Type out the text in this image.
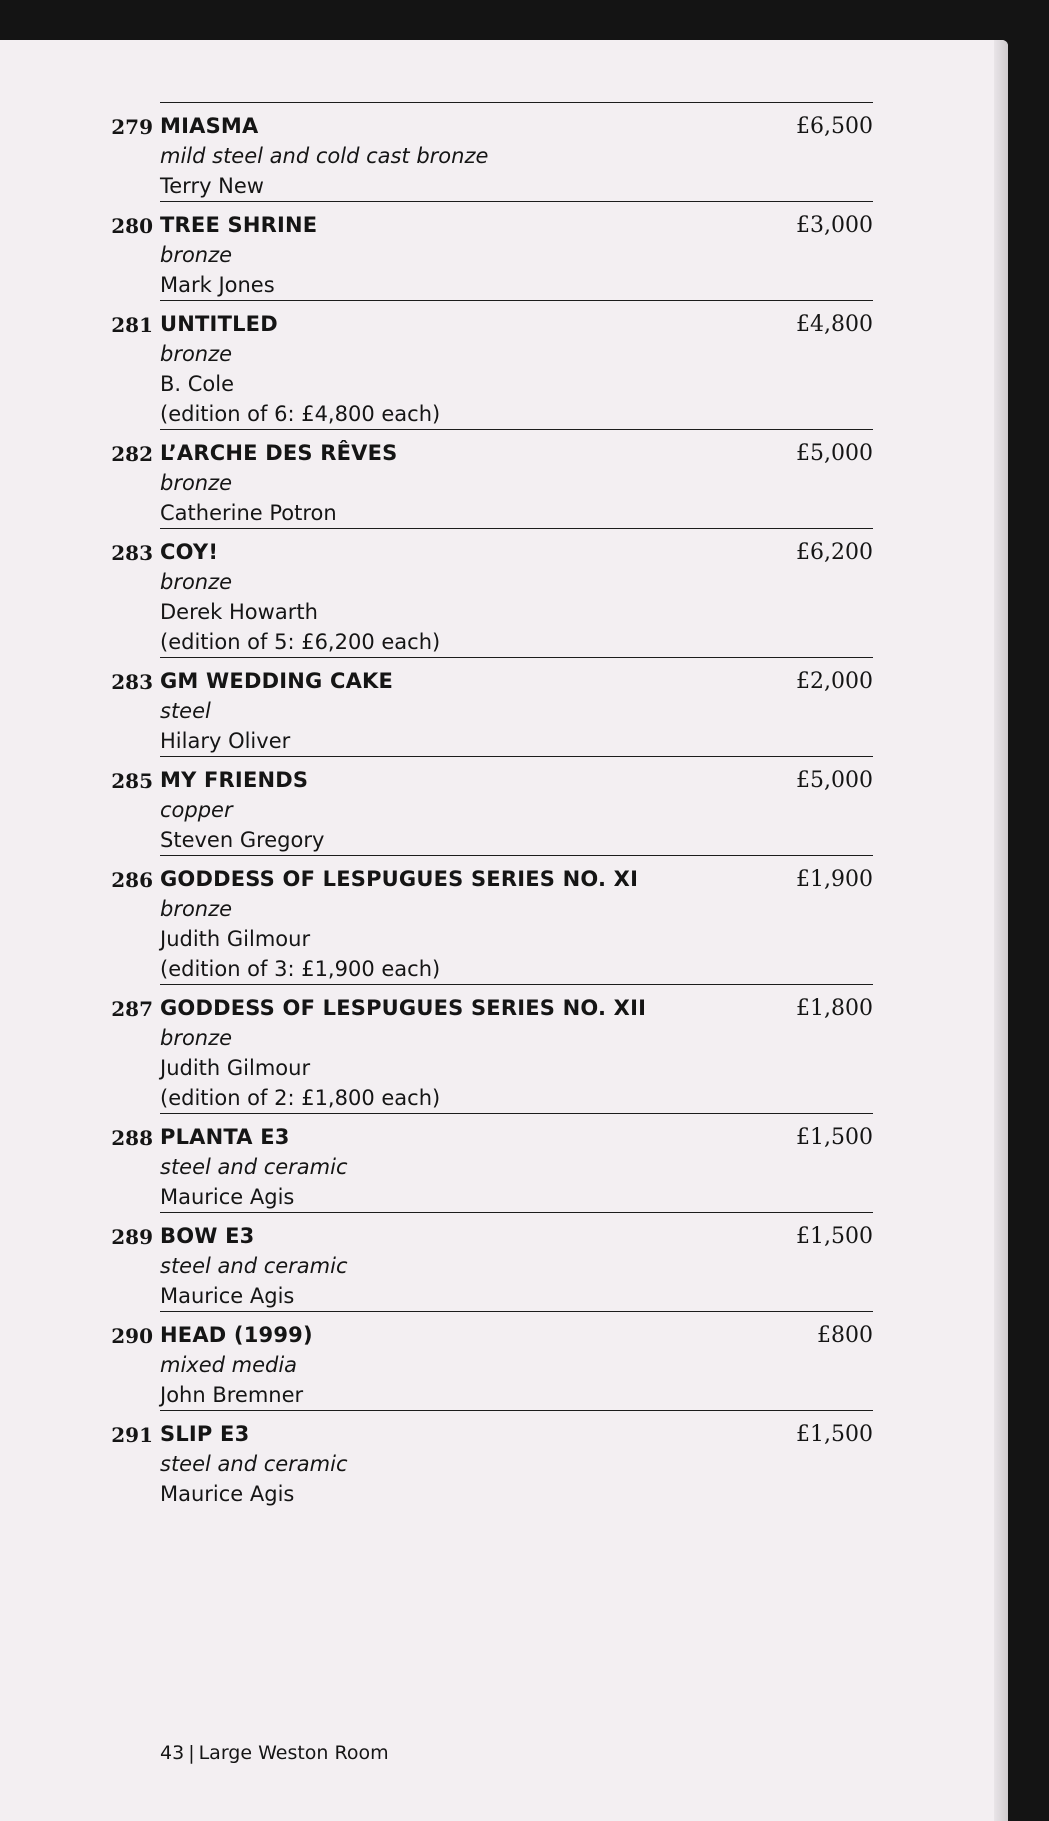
279 MIASMA
mild steel and cold cast bronze
Terry New
£6,500
280 TREE SHRINE
bronze
Mark Jones
£3,000
281 UNTITLED
bronze
B. Cole
(edition of 6: £4,800 each)
£4,800
282 L’ARCHE DES RÊVES
bronze
Catherine Potron
£5,000
283 COY!
bronze
Derek Howarth
(edition of 5: £6,200 each)
£6,200
283 GM WEDDING CAKE
steel
Hilary Oliver
£2,000
285 MY FRIENDS
copper
Steven Gregory
£5,000
286 GODDESS OF LESPUGUES SERIES NO. XI
bronze
Judith Gilmour
(edition of 3: £1,900 each)
£1,900
287 GODDESS OF LESPUGUES SERIES NO. XII
bronze
Judith Gilmour
(edition of 2: £1,800 each)
£1,800
288 PLANTA E3
steel and ceramic
Maurice Agis
£1,500
289 BOW E3
steel and ceramic
Maurice Agis
£1,500
290 HEAD (1999)
mixed media
John Bremner
£800
291 SLIP E3
steel and ceramic
Maurice Agis
£1,500
43 | Large Weston Room
